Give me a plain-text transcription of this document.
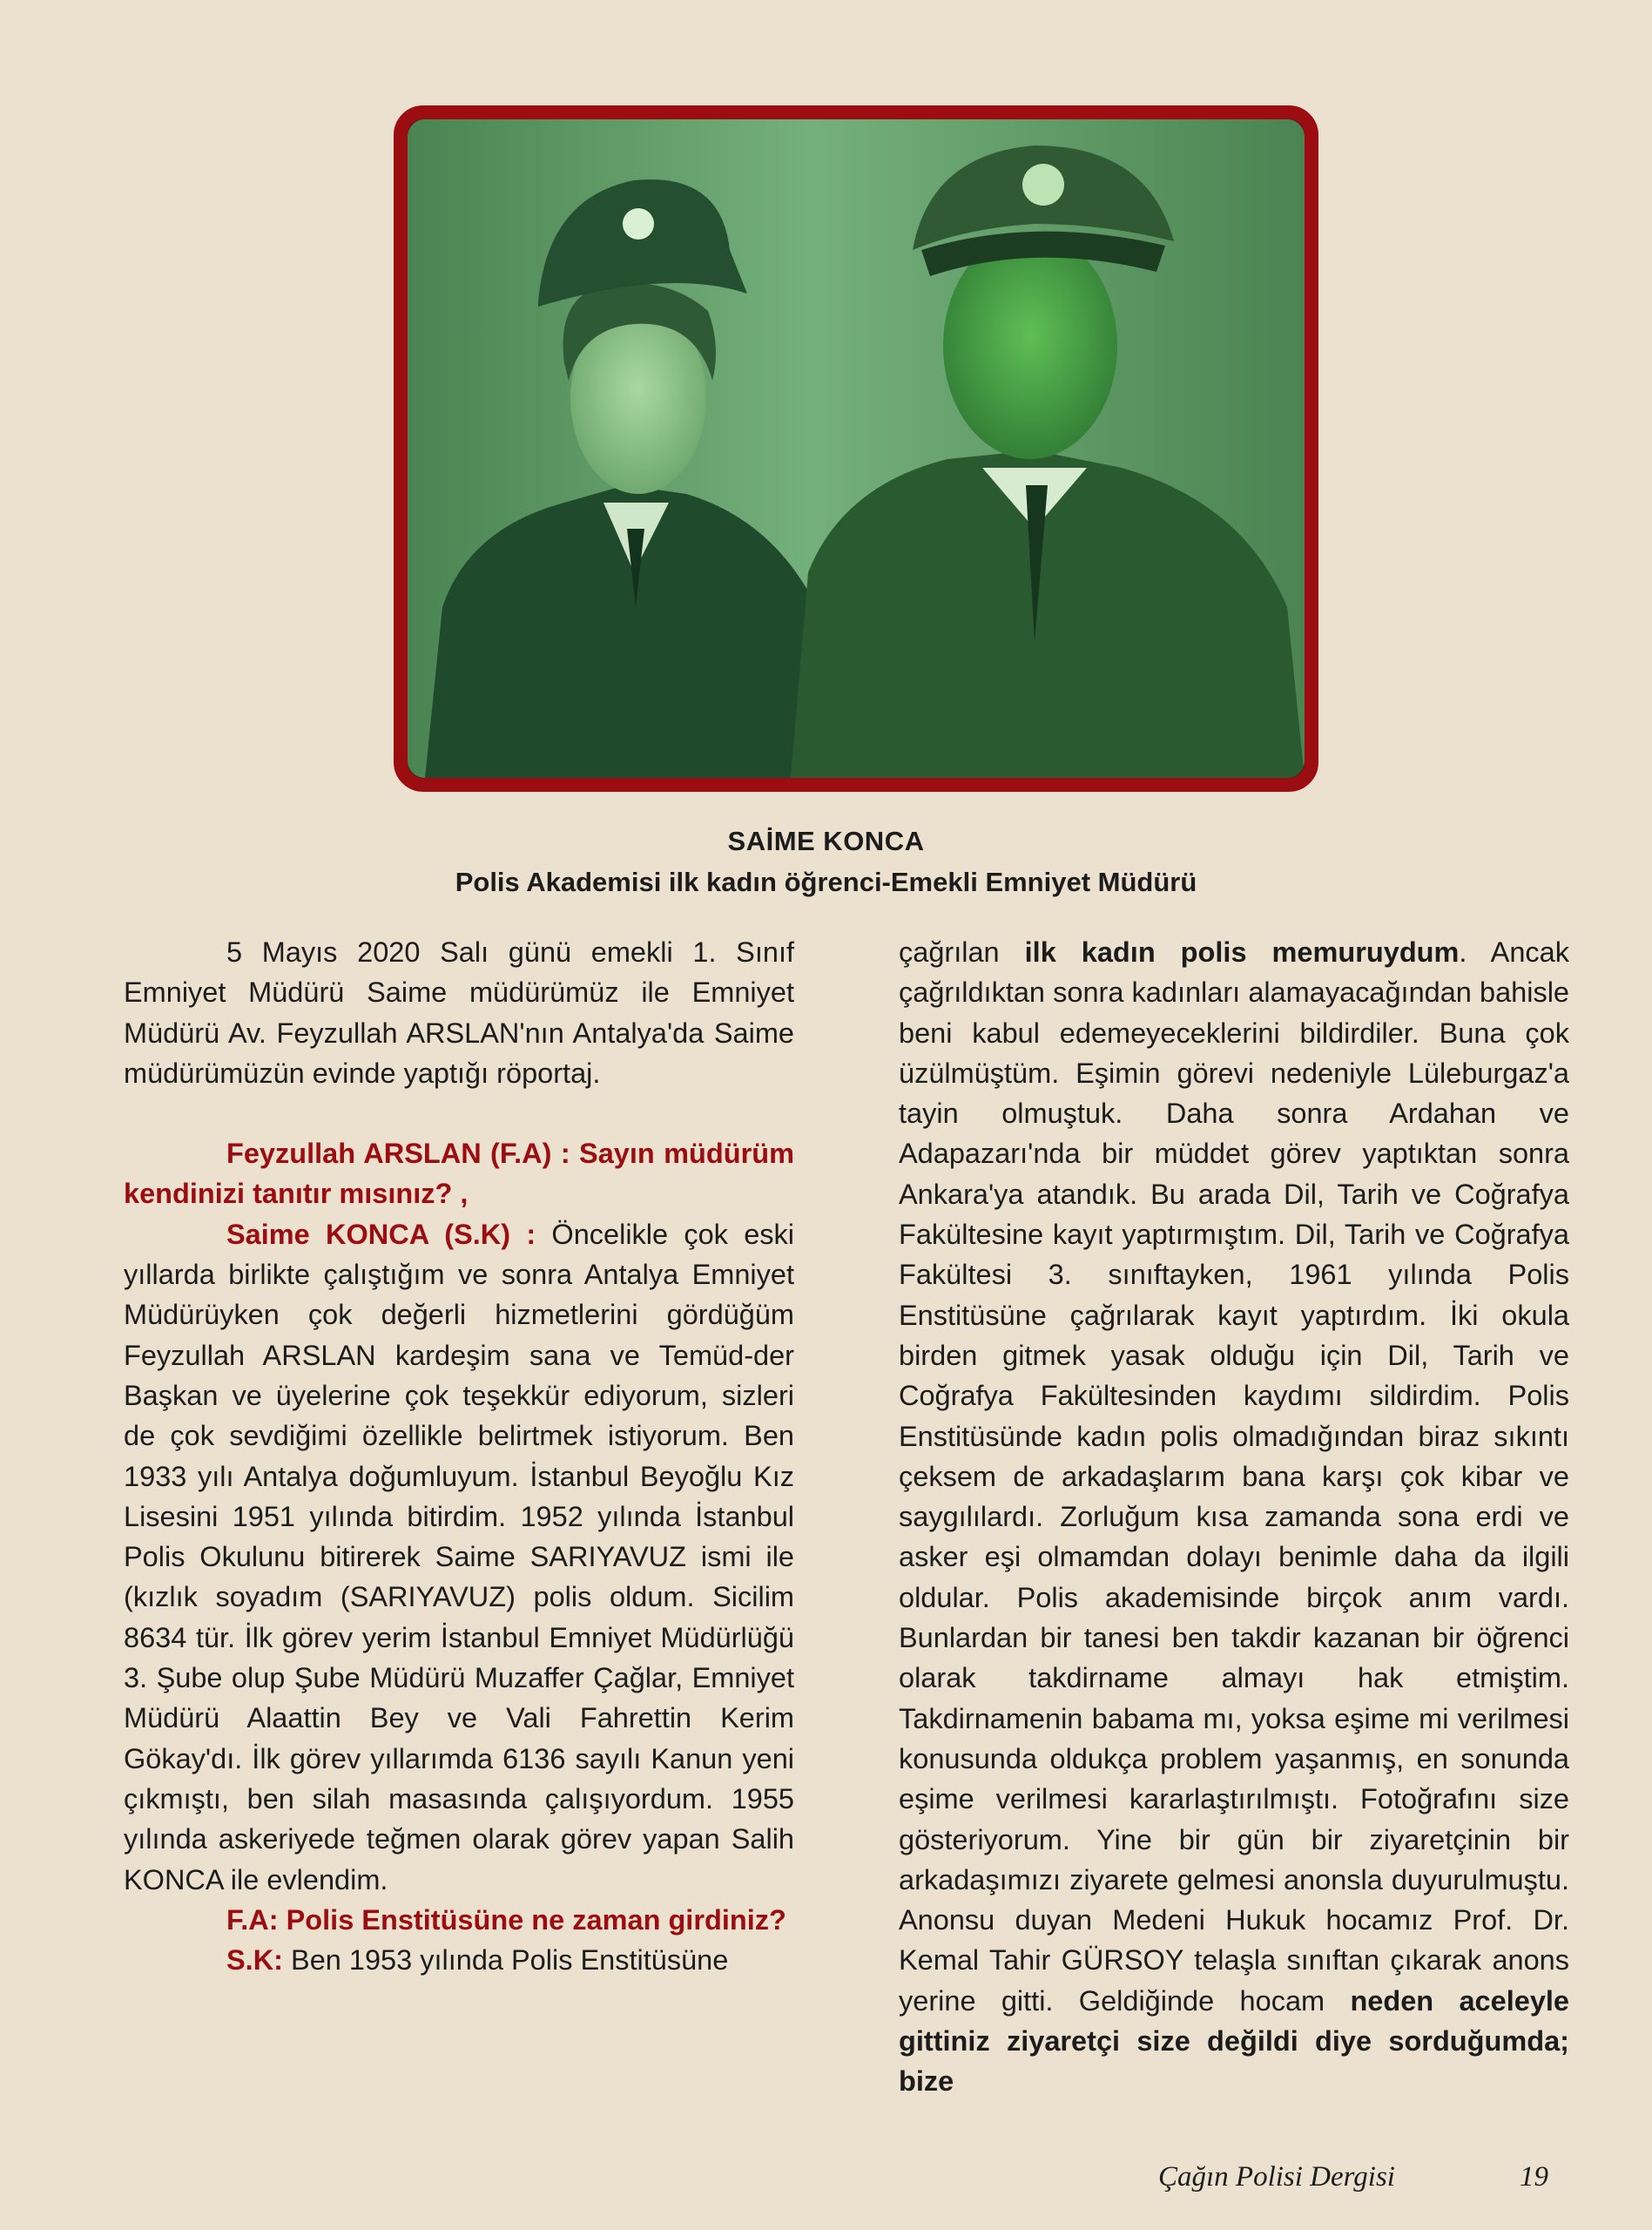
SAİME KONCA
Polis Akademisi ilk kadın öğrenci-Emekli Emniyet Müdürü

5 Mayıs 2020 Salı günü emekli 1. Sınıf Emniyet Müdürü Saime müdürümüz ile Emniyet Müdürü Av. Feyzullah ARSLAN'nın Antalya'da Saime müdürümüzün evinde yaptığı röportaj.

Feyzullah ARSLAN (F.A) : Sayın müdürüm kendinizi tanıtır mısınız? ,

Saime KONCA (S.K) : Öncelikle çok eski yıllarda birlikte çalıştığım ve sonra Antalya Emniyet Müdürüyken çok değerli hizmetlerini gördüğüm Feyzullah ARSLAN kardeşim sana ve Temüd-der Başkan ve üyelerine çok teşekkür ediyorum, sizleri de çok sevdiğimi özellikle belirtmek istiyorum. Ben 1933 yılı Antalya doğumluyum. İstanbul Beyoğlu Kız Lisesini 1951 yılında bitirdim. 1952 yılında İstanbul Polis Okulunu bitirerek Saime SARIYAVUZ ismi ile (kızlık soyadım (SARIYAVUZ) polis oldum. Sicilim 8634 tür. İlk görev yerim İstanbul Emniyet Müdürlüğü 3. Şube olup Şube Müdürü Muzaffer Çağlar, Emniyet Müdürü Alaattin Bey ve Vali Fahrettin Kerim Gökay'dı. İlk görev yıllarımda 6136 sayılı Kanun yeni çıkmıştı, ben silah masasında çalışıyordum. 1955 yılında askeriyede teğmen olarak görev yapan Salih KONCA ile evlendim.

F.A: Polis Enstitüsüne ne zaman girdiniz?

S.K: Ben 1953 yılında Polis Enstitüsüne

çağrılan ilk kadın polis memuruydum. Ancak çağrıldıktan sonra kadınları alamayacağından bahisle beni kabul edemeyeceklerini bildirdiler. Buna çok üzülmüştüm. Eşimin görevi nedeniyle Lüleburgaz'a tayin olmuştuk. Daha sonra Ardahan ve Adapazarı'nda bir müddet görev yaptıktan sonra Ankara'ya atandık. Bu arada Dil, Tarih ve Coğrafya Fakültesine kayıt yaptırmıştım. Dil, Tarih ve Coğrafya Fakültesi 3. sınıftayken, 1961 yılında Polis Enstitüsüne çağrılarak kayıt yaptırdım. İki okula birden gitmek yasak olduğu için Dil, Tarih ve Coğrafya Fakültesinden kaydımı sildirdim. Polis Enstitüsünde kadın polis olmadığından biraz sıkıntı çeksem de arkadaşlarım bana karşı çok kibar ve saygılılardı. Zorluğum kısa zamanda sona erdi ve asker eşi olmamdan dolayı benimle daha da ilgili oldular. Polis akademisinde birçok anım vardı. Bunlardan bir tanesi ben takdir kazanan bir öğrenci olarak takdirname almayı hak etmiştim. Takdirnamenin babama mı, yoksa eşime mi verilmesi konusunda oldukça problem yaşanmış, en sonunda eşime verilmesi kararlaştırılmıştı. Fotoğrafını size gösteriyorum. Yine bir gün bir ziyaretçinin bir arkadaşımızı ziyarete gelmesi anonsla duyurulmuştu. Anonsu duyan Medeni Hukuk hocamız Prof. Dr. Kemal Tahir GÜRSOY telaşla sınıftan çıkarak anons yerine gitti. Geldiğinde hocam neden aceleyle gittiniz ziyaretçi size değildi diye sorduğumda; bize

Çağın Polisi Dergisi	19
